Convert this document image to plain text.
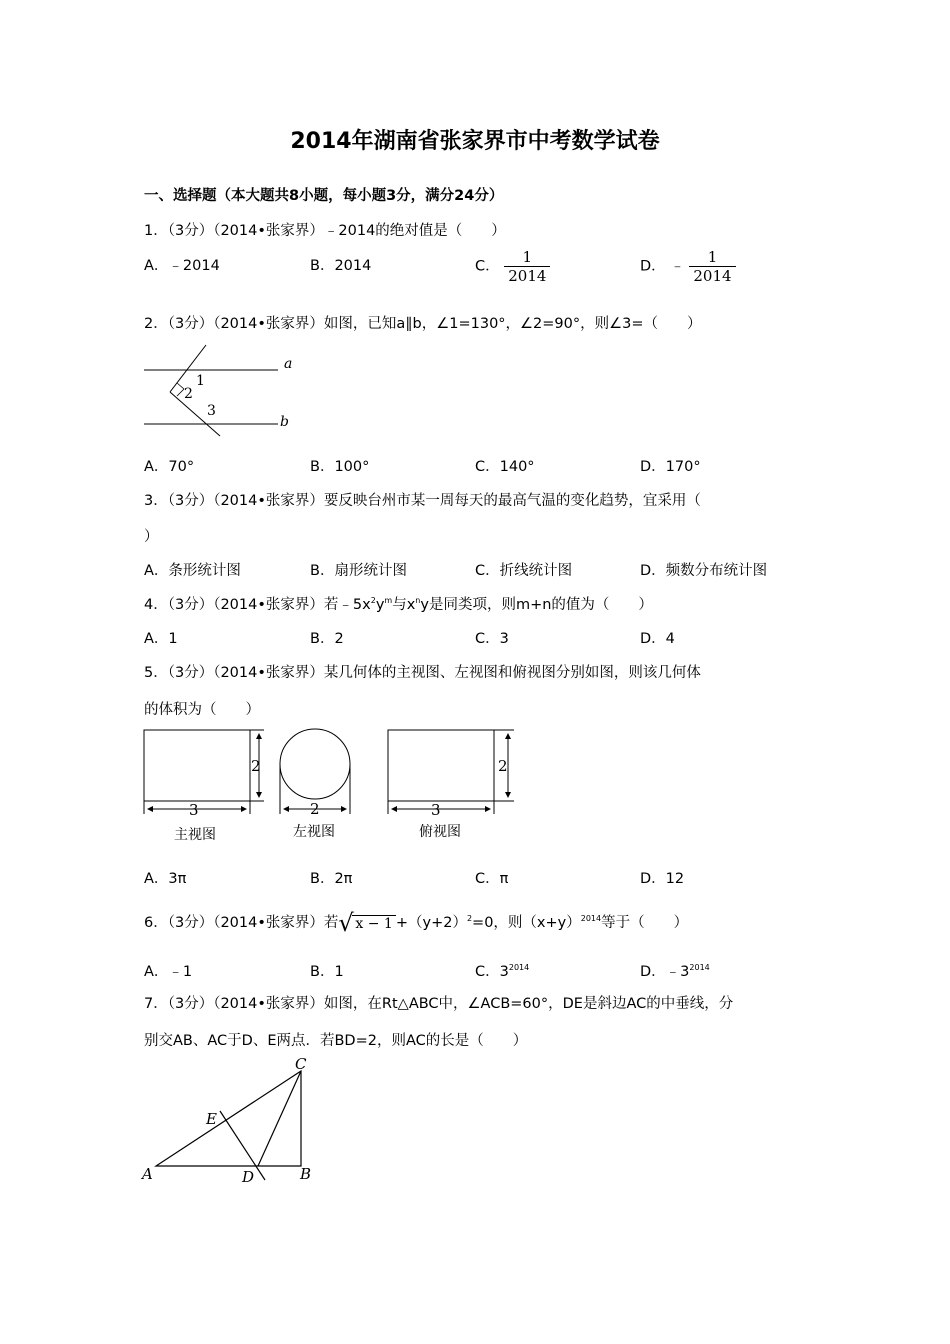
2014年湖南省张家界市中考数学试卷
一、选择题（本大题共8小题，每小题3分，满分24分）
1．（3分）（2014•张家界）﹣2014的绝对值是（　　）
A．﹣2014	B．2014	C． $\frac{1}{2014}$	D． ﹣ $\frac{1}{2014}$
2．（3分）（2014•张家界）如图，已知a∥b，∠1=130°，∠2=90°，则∠3=（　　）
1
2
3
a
b
A．70°	B．100°	C．140°	D．170°
3．（3分）（2014•张家界）要反映台州市某一周每天的最高气温的变化趋势，宜采用（
）
A．条形统计图	B．扇形统计图	C．折线统计图	D．频数分布统计图
4．（3分）（2014•张家界）若$﹣5x^2y^m$与$x^ny$是同类项，则m+n的值为（　　）
A．1	B．2	C．3	D．4
5．（3分）（2014•张家界）某几何体的主视图、左视图和俯视图分别如图，则该几何体
的体积为（　　）
3
2
主视图
2
左视图
3
2
俯视图
A．3π	B．2π	C．π	D．12
6．（3分）（2014•张家界）若 √ $x - 1 +(y+2)^2=0$，则$(x+y)^{2014}$等于（　　）
A．﹣1	B．1	C．$3^{2014}$	D．$﹣3^{2014}$
7．（3分）（2014•张家界）如图，在Rt△ABC中，∠ACB=60°，DE是斜边AC的中垂线，分
别交AB、AC于D、E两点．若BD=2，则AC的长是（　　）
A	B
C
D
E
